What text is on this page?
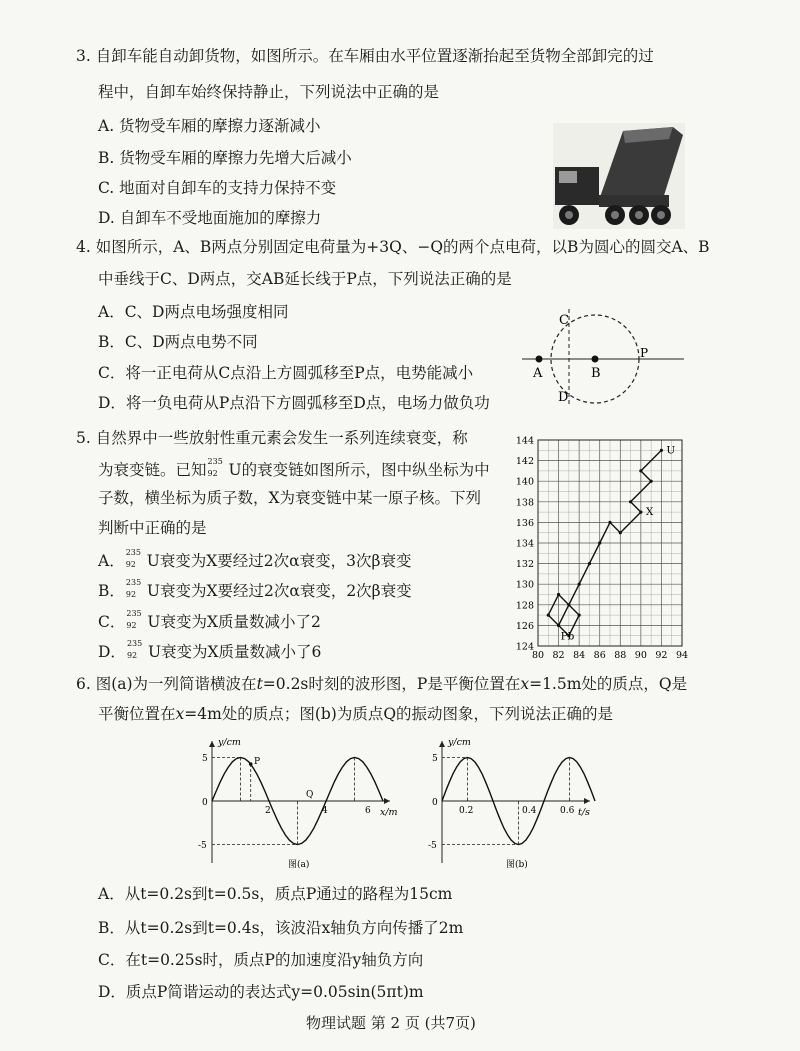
3. 自卸车能自动卸货物，如图所示。在车厢由水平位置逐渐抬起至货物全部卸完的过
程中，自卸车始终保持静止，下列说法中正确的是
A. 货物受车厢的摩擦力逐渐减小
B. 货物受车厢的摩擦力先增大后减小
C. 地面对自卸车的支持力保持不变
D. 自卸车不受地面施加的摩擦力
4. 如图所示，A、B两点分别固定电荷量为+3Q、−Q的两个点电荷，以B为圆心的圆交A、B
中垂线于C、D两点，交AB延长线于P点，下列说法正确的是
A．C、D两点电场强度相同
B．C、D两点电势不同
C．将一正电荷从C点沿上方圆弧移至P点，电势能减小
D．将一负电荷从P点沿下方圆弧移至D点，电场力做负功
A	B
C
D
P
5. 自然界中一些放射性重元素会发生一系列连续衰变，称
为衰变链。已知 235
92 U的衰变链如图所示，图中纵坐标为中
子数，横坐标为质子数，X为衰变链中某一原子核。下列
判断中正确的是
A． 235
92 U衰变为X要经过2次α衰变，3次β衰变
B． 235
92 U衰变为X要经过2次α衰变，2次β衰变
C． 235
92 U衰变为X质量数减小了2
D． 235
92 U衰变为X质量数减小了6	80 82 84 86 88 90 92 94
124
126
128
130
132
134
136
138
140
142
144
U
X
Pb
6. 图(a)为一列简谐横波在t=0.2s时刻的波形图，P是平衡位置在x=1.5m处的质点，Q是
平衡位置在x=4m处的质点；图(b)为质点Q的振动图象，下列说法正确的是
y/cm
x/m
5
-5
0
2	4	6
P
Q
图(a)
y/cm
t/s
5
-5
0
0.2	0.4	0.6
图(b)
A．从t=0.2s到t=0.5s，质点P通过的路程为15cm
B．从t=0.2s到t=0.4s，该波沿x轴负方向传播了2m
C．在t=0.25s时，质点P的加速度沿y轴负方向
D．质点P简谐运动的表达式y=0.05sin(5πt)m
物理试题 第 2 页 (共7页)
